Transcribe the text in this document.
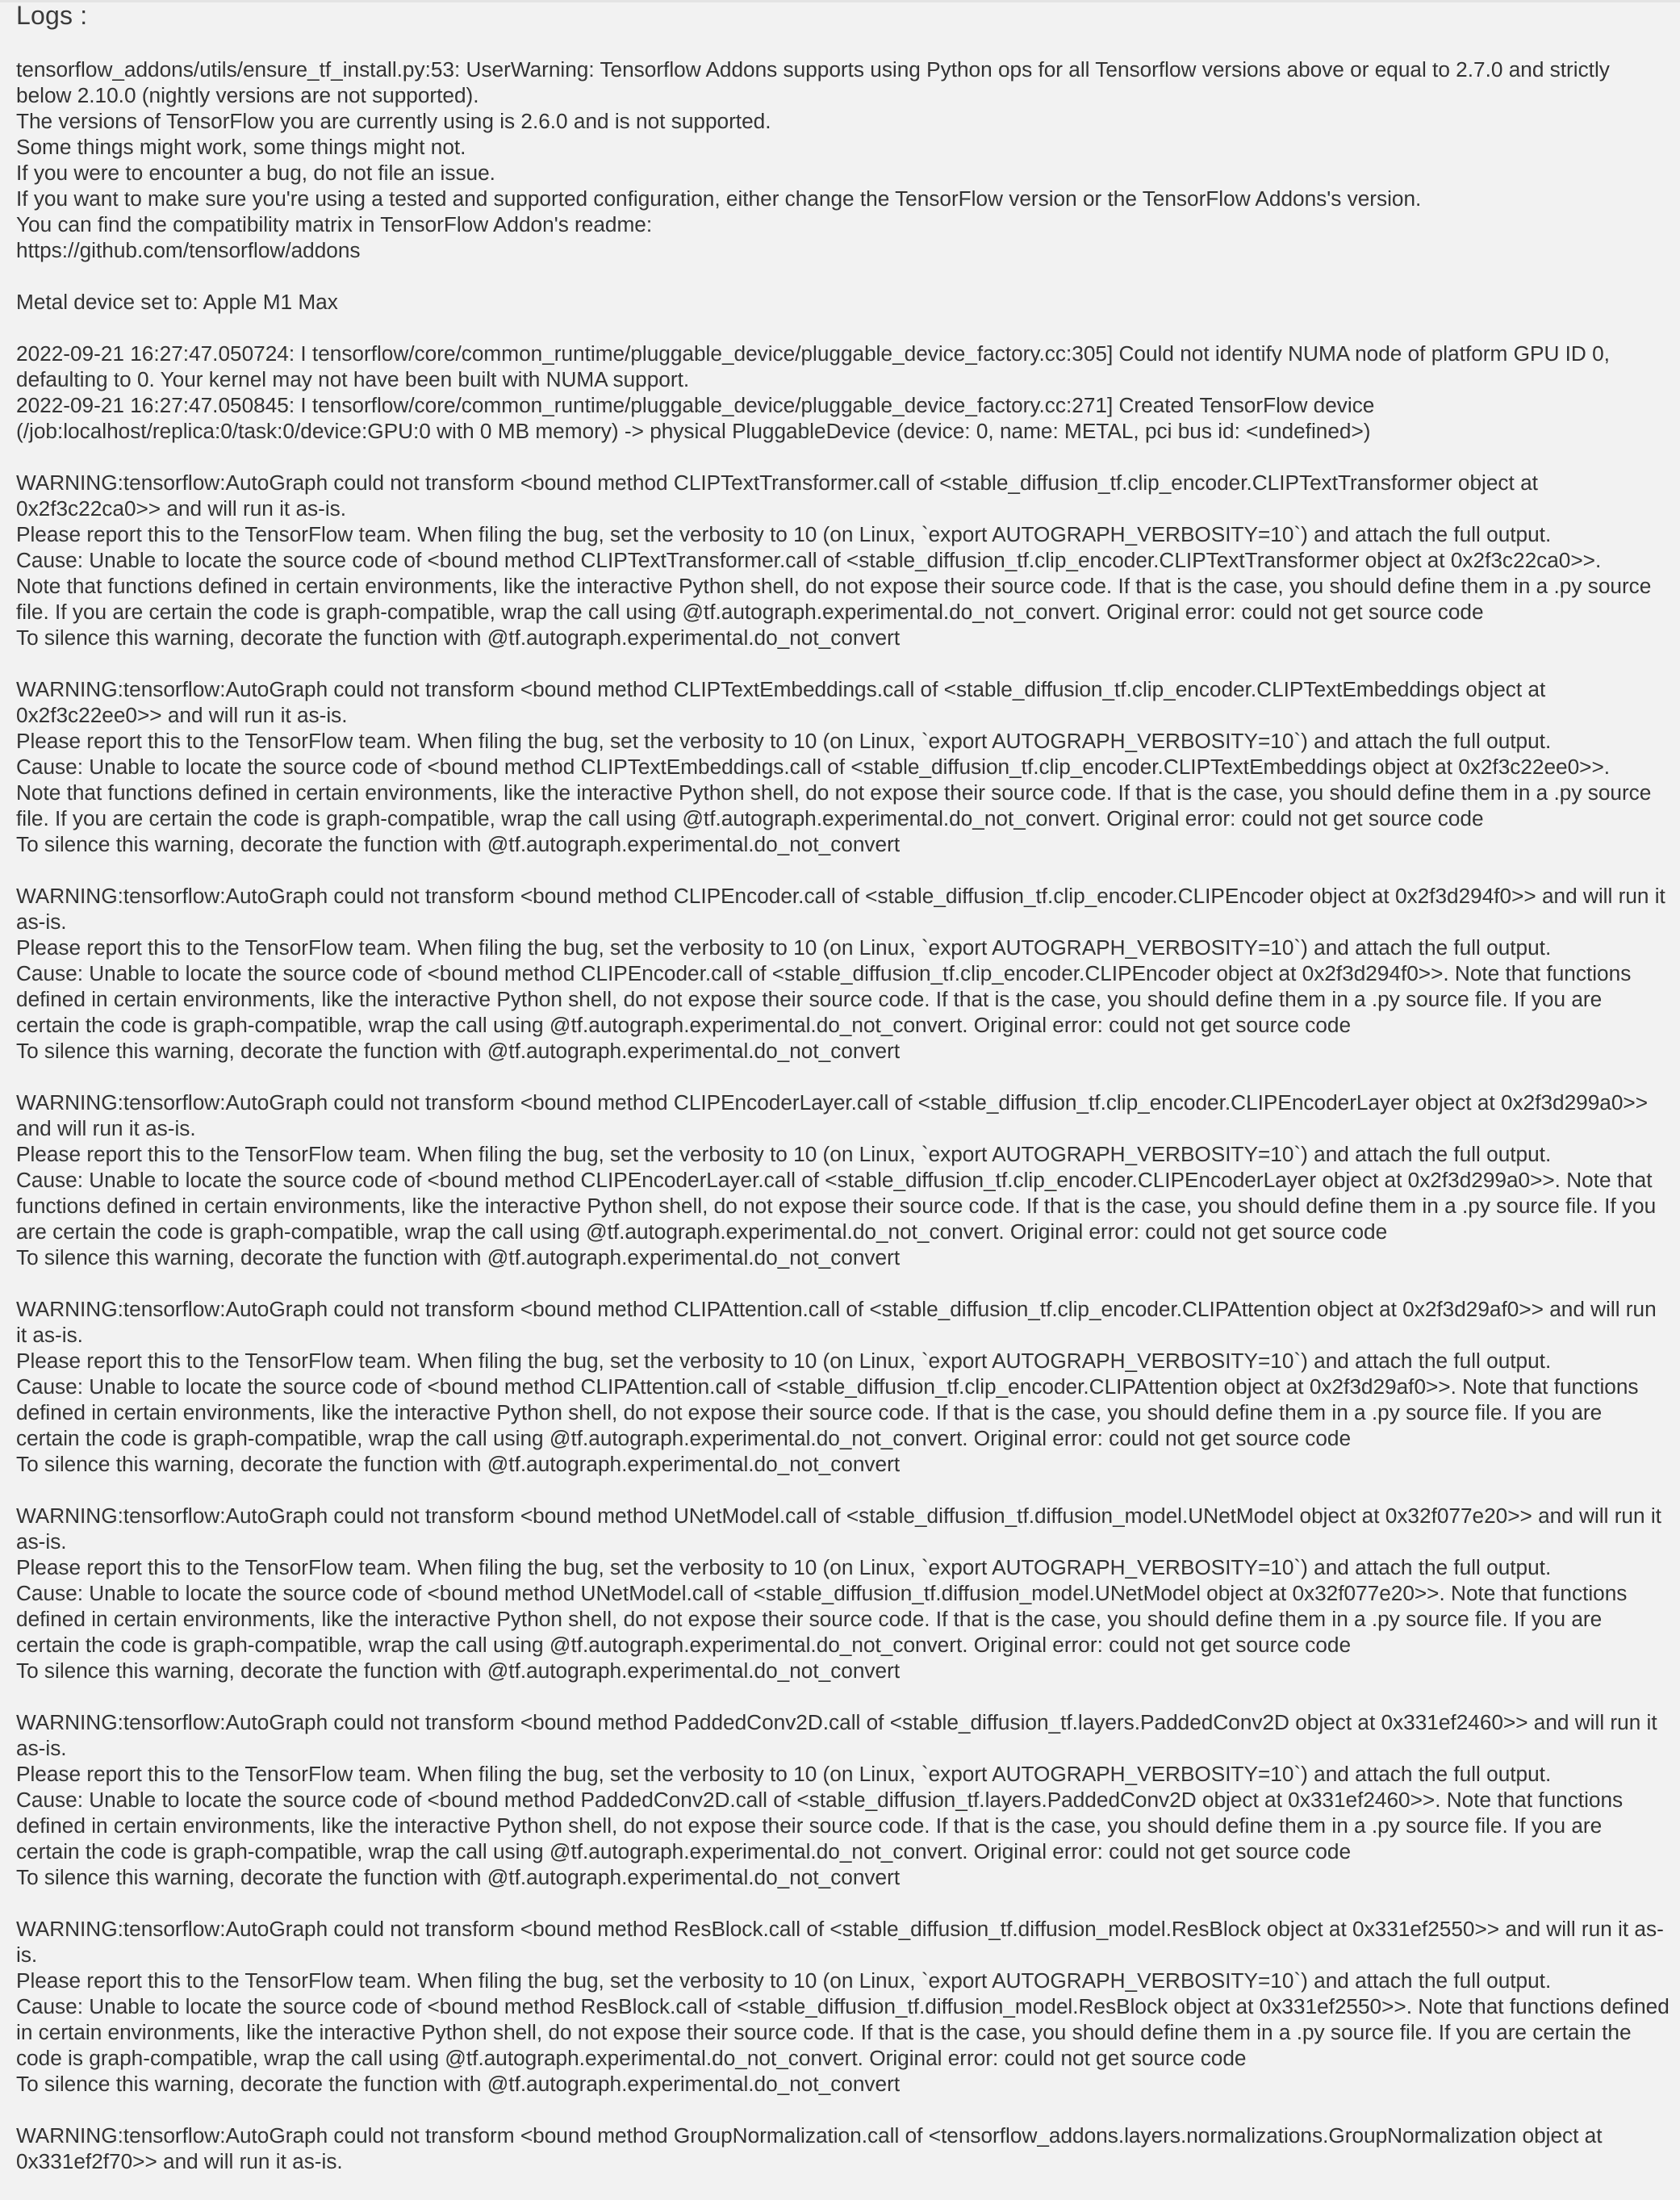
Logs :
tensorflow_addons/utils/ensure_tf_install.py:53: UserWarning: Tensorflow Addons supports using Python ops for all Tensorflow versions above or equal to 2.7.0 and strictly below 2.10.0 (nightly versions are not supported).
The versions of TensorFlow you are currently using is 2.6.0 and is not supported.
Some things might work, some things might not.
If you were to encounter a bug, do not file an issue.
If you want to make sure you're using a tested and supported configuration, either change the TensorFlow version or the TensorFlow Addons's version.
You can find the compatibility matrix in TensorFlow Addon's readme:
https://github.com/tensorflow/addons
Metal device set to: Apple M1 Max
2022-09-21 16:27:47.050724: I tensorflow/core/common_runtime/pluggable_device/pluggable_device_factory.cc:305] Could not identify NUMA node of platform GPU ID 0, defaulting to 0. Your kernel may not have been built with NUMA support.
2022-09-21 16:27:47.050845: I tensorflow/core/common_runtime/pluggable_device/pluggable_device_factory.cc:271] Created TensorFlow device (/job:localhost/replica:0/task:0/device:GPU:0 with 0 MB memory) -> physical PluggableDevice (device: 0, name: METAL, pci bus id: <undefined>)
WARNING:tensorflow:AutoGraph could not transform <bound method CLIPTextTransformer.call of <stable_diffusion_tf.clip_encoder.CLIPTextTransformer object at 0x2f3c22ca0>> and will run it as-is.
Please report this to the TensorFlow team. When filing the bug, set the verbosity to 10 (on Linux, `export AUTOGRAPH_VERBOSITY=10`) and attach the full output.
Cause: Unable to locate the source code of <bound method CLIPTextTransformer.call of <stable_diffusion_tf.clip_encoder.CLIPTextTransformer object at 0x2f3c22ca0>>.
Note that functions defined in certain environments, like the interactive Python shell, do not expose their source code. If that is the case, you should define them in a .py source file. If you are certain the code is graph-compatible, wrap the call using @tf.autograph.experimental.do_not_convert. Original error: could not get source code
To silence this warning, decorate the function with @tf.autograph.experimental.do_not_convert
WARNING:tensorflow:AutoGraph could not transform <bound method CLIPTextEmbeddings.call of <stable_diffusion_tf.clip_encoder.CLIPTextEmbeddings object at 0x2f3c22ee0>> and will run it as-is.
Please report this to the TensorFlow team. When filing the bug, set the verbosity to 10 (on Linux, `export AUTOGRAPH_VERBOSITY=10`) and attach the full output.
Cause: Unable to locate the source code of <bound method CLIPTextEmbeddings.call of <stable_diffusion_tf.clip_encoder.CLIPTextEmbeddings object at 0x2f3c22ee0>>.
Note that functions defined in certain environments, like the interactive Python shell, do not expose their source code. If that is the case, you should define them in a .py source file. If you are certain the code is graph-compatible, wrap the call using @tf.autograph.experimental.do_not_convert. Original error: could not get source code
To silence this warning, decorate the function with @tf.autograph.experimental.do_not_convert
WARNING:tensorflow:AutoGraph could not transform <bound method CLIPEncoder.call of <stable_diffusion_tf.clip_encoder.CLIPEncoder object at 0x2f3d294f0>> and will run it as-is.
Please report this to the TensorFlow team. When filing the bug, set the verbosity to 10 (on Linux, `export AUTOGRAPH_VERBOSITY=10`) and attach the full output.
Cause: Unable to locate the source code of <bound method CLIPEncoder.call of <stable_diffusion_tf.clip_encoder.CLIPEncoder object at 0x2f3d294f0>>. Note that functions defined in certain environments, like the interactive Python shell, do not expose their source code. If that is the case, you should define them in a .py source file. If you are certain the code is graph-compatible, wrap the call using @tf.autograph.experimental.do_not_convert. Original error: could not get source code
To silence this warning, decorate the function with @tf.autograph.experimental.do_not_convert
WARNING:tensorflow:AutoGraph could not transform <bound method CLIPEncoderLayer.call of <stable_diffusion_tf.clip_encoder.CLIPEncoderLayer object at 0x2f3d299a0>> and will run it as-is.
Please report this to the TensorFlow team. When filing the bug, set the verbosity to 10 (on Linux, `export AUTOGRAPH_VERBOSITY=10`) and attach the full output.
Cause: Unable to locate the source code of <bound method CLIPEncoderLayer.call of <stable_diffusion_tf.clip_encoder.CLIPEncoderLayer object at 0x2f3d299a0>>. Note that functions defined in certain environments, like the interactive Python shell, do not expose their source code. If that is the case, you should define them in a .py source file. If you are certain the code is graph-compatible, wrap the call using @tf.autograph.experimental.do_not_convert. Original error: could not get source code
To silence this warning, decorate the function with @tf.autograph.experimental.do_not_convert
WARNING:tensorflow:AutoGraph could not transform <bound method CLIPAttention.call of <stable_diffusion_tf.clip_encoder.CLIPAttention object at 0x2f3d29af0>> and will run it as-is.
Please report this to the TensorFlow team. When filing the bug, set the verbosity to 10 (on Linux, `export AUTOGRAPH_VERBOSITY=10`) and attach the full output.
Cause: Unable to locate the source code of <bound method CLIPAttention.call of <stable_diffusion_tf.clip_encoder.CLIPAttention object at 0x2f3d29af0>>. Note that functions defined in certain environments, like the interactive Python shell, do not expose their source code. If that is the case, you should define them in a .py source file. If you are certain the code is graph-compatible, wrap the call using @tf.autograph.experimental.do_not_convert. Original error: could not get source code
To silence this warning, decorate the function with @tf.autograph.experimental.do_not_convert
WARNING:tensorflow:AutoGraph could not transform <bound method UNetModel.call of <stable_diffusion_tf.diffusion_model.UNetModel object at 0x32f077e20>> and will run it as-is.
Please report this to the TensorFlow team. When filing the bug, set the verbosity to 10 (on Linux, `export AUTOGRAPH_VERBOSITY=10`) and attach the full output.
Cause: Unable to locate the source code of <bound method UNetModel.call of <stable_diffusion_tf.diffusion_model.UNetModel object at 0x32f077e20>>. Note that functions defined in certain environments, like the interactive Python shell, do not expose their source code. If that is the case, you should define them in a .py source file. If you are certain the code is graph-compatible, wrap the call using @tf.autograph.experimental.do_not_convert. Original error: could not get source code
To silence this warning, decorate the function with @tf.autograph.experimental.do_not_convert
WARNING:tensorflow:AutoGraph could not transform <bound method PaddedConv2D.call of <stable_diffusion_tf.layers.PaddedConv2D object at 0x331ef2460>> and will run it as-is.
Please report this to the TensorFlow team. When filing the bug, set the verbosity to 10 (on Linux, `export AUTOGRAPH_VERBOSITY=10`) and attach the full output.
Cause: Unable to locate the source code of <bound method PaddedConv2D.call of <stable_diffusion_tf.layers.PaddedConv2D object at 0x331ef2460>>. Note that functions defined in certain environments, like the interactive Python shell, do not expose their source code. If that is the case, you should define them in a .py source file. If you are certain the code is graph-compatible, wrap the call using @tf.autograph.experimental.do_not_convert. Original error: could not get source code
To silence this warning, decorate the function with @tf.autograph.experimental.do_not_convert
WARNING:tensorflow:AutoGraph could not transform <bound method ResBlock.call of <stable_diffusion_tf.diffusion_model.ResBlock object at 0x331ef2550>> and will run it as-is.
Please report this to the TensorFlow team. When filing the bug, set the verbosity to 10 (on Linux, `export AUTOGRAPH_VERBOSITY=10`) and attach the full output.
Cause: Unable to locate the source code of <bound method ResBlock.call of <stable_diffusion_tf.diffusion_model.ResBlock object at 0x331ef2550>>. Note that functions defined in certain environments, like the interactive Python shell, do not expose their source code. If that is the case, you should define them in a .py source file. If you are certain the code is graph-compatible, wrap the call using @tf.autograph.experimental.do_not_convert. Original error: could not get source code
To silence this warning, decorate the function with @tf.autograph.experimental.do_not_convert
WARNING:tensorflow:AutoGraph could not transform <bound method GroupNormalization.call of <tensorflow_addons.layers.normalizations.GroupNormalization object at 0x331ef2f70>> and will run it as-is.
